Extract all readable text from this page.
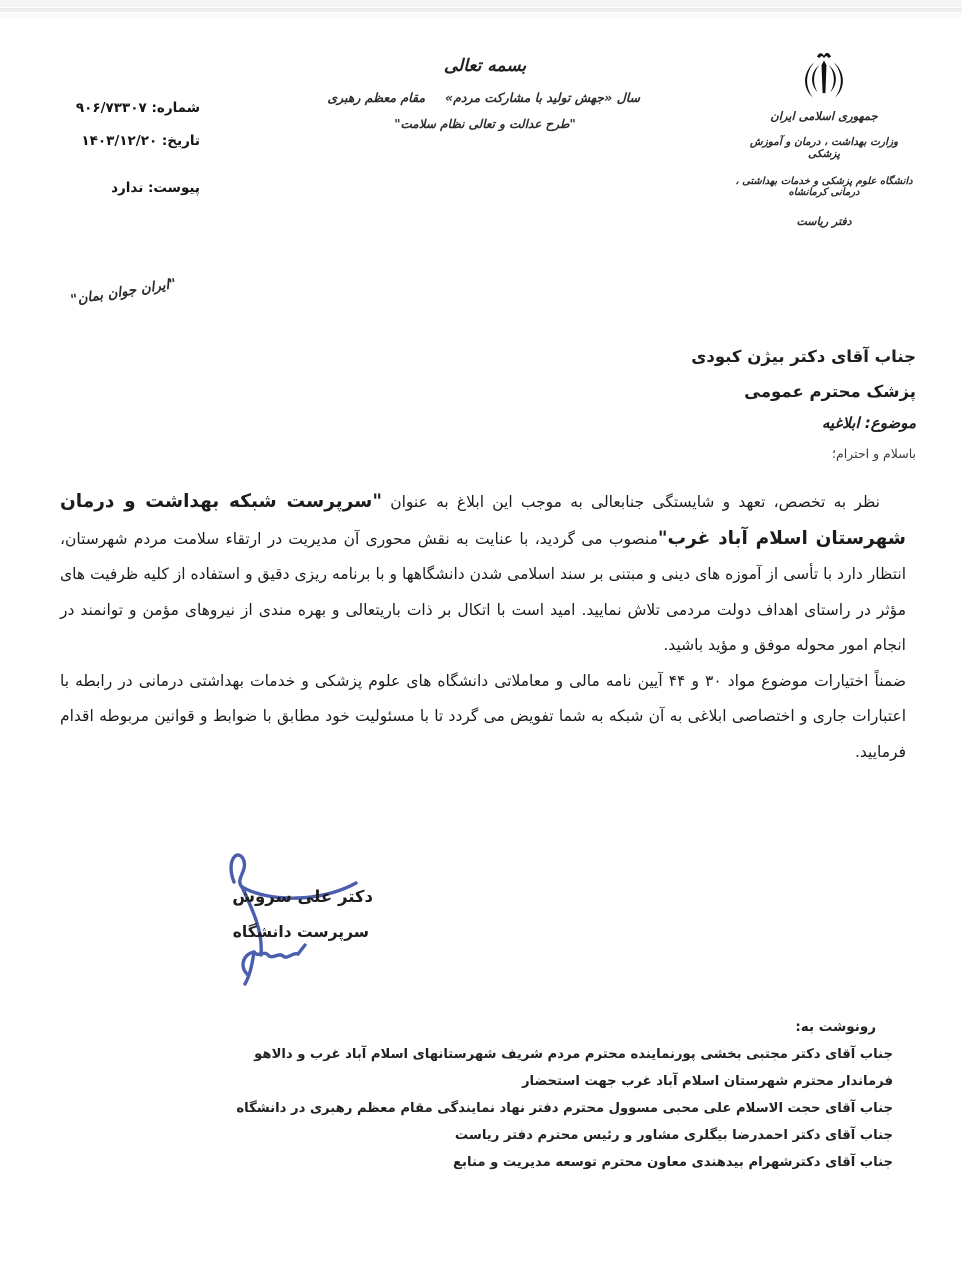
جمهوری اسلامی ایران
وزارت بهداشت ، درمان و آموزش پزشکی
دانشگاه علوم پزشکی و خدمات بهداشتی ، درمانی کرمانشاه
دفتر ریاست
بسمه تعالی
سال «جهش تولید با مشارکت مردم»مقام معظم رهبری
"طرح عدالت و تعالی نظام سلامت"
شماره: ۹۰۶/۷۳۳۰۷
تاریخ: ۱۴۰۳/۱۲/۲۰
پیوست: ندارد
"ایران جوان بمان"
جناب آقای دکتر بیژن کبودی
پزشک محترم عمومی
موضوع: ابلاغیه
باسلام و احترام؛

نظر به تخصص، تعهد و شایستگی جنابعالی به موجب این ابلاغ به عنوان "سرپرست شبکه بهداشت و درمان شهرستان اسلام آباد غرب"منصوب می گردید، با عنایت به نقش محوری آن مدیریت در ارتقاء سلامت مردم شهرستان، انتظار دارد با تأسی از آموزه های دینی و مبتنی بر سند اسلامی شدن دانشگاهها و با برنامه ریزی دقیق و استفاده از کلیه ظرفیت های مؤثر در راستای اهداف دولت مردمی تلاش نمایید. امید است با اتکال بر ذات باریتعالی و بهره مندی از نیروهای مؤمن و توانمند در انجام امور محوله موفق و مؤید باشید.

ضمناً اختیارات موضوع مواد ۳۰ و ۴۴ آیین نامه مالی و معاملاتی دانشگاه های علوم پزشکی و خدمات بهداشتی درمانی در رابطه با اعتبارات جاری و اختصاصی ابلاغی به آن شبکه به شما تفویض می گردد تا با مسئولیت خود مطابق با ضوابط و قوانین مربوطه اقدام فرمایید.

دکتر علی سروش
سرپرست دانشگاه
رونوشت به:
جناب آقای دکتر مجتبی بخشی پورنماینده محترم مردم شریف شهرستانهای اسلام آباد غرب و دالاهو
فرماندار محترم شهرستان اسلام آباد غرب جهت استحضار
جناب آقای حجت الاسلام علی محبی مسوول محترم دفتر نهاد نمایندگی مقام معظم رهبری در دانشگاه
جناب آقای دکتر احمدرضا بیگلری مشاور و رئیس محترم دفتر ریاست
جناب آقای دکترشهرام بیدهندی معاون محترم توسعه مدیریت و منابع
